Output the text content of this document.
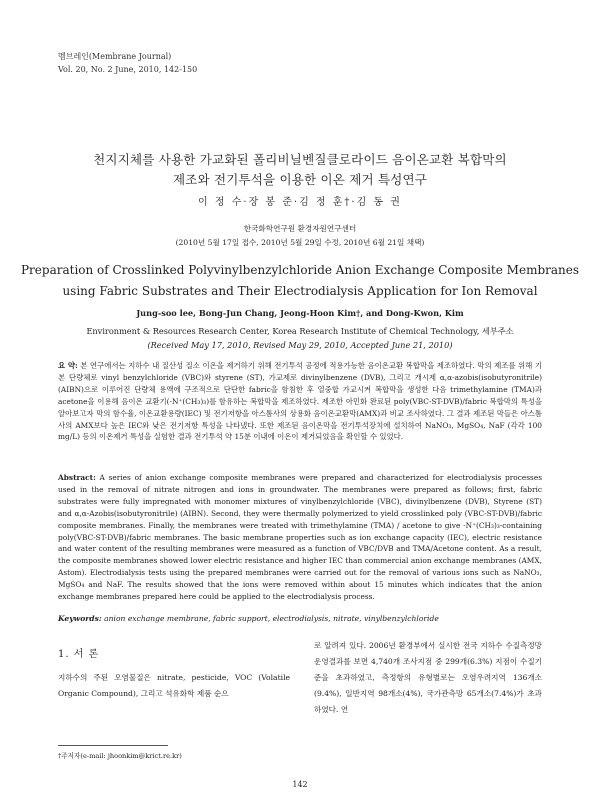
멤브레인(Membrane Journal)
Vol. 20, No. 2 June, 2010, 142-150
천지지체를 사용한 가교화된 폴리비닐벤질클로라이드 음이온교환 복합막의
제조와 전기투석을 이용한 이온 제거 특성연구
이 정 수·장 봉 준·김 정 훈†·김 동 권
한국화학연구원 환경자원연구센터
(2010년 5월 17일 접수, 2010년 5월 29일 수정, 2010년 6월 21일 채택)
Preparation of Crosslinked Polyvinylbenzylchloride Anion Exchange Composite Membranes
using Fabric Substrates and Their Electrodialysis Application for Ion Removal
Jung-soo lee, Bong-Jun Chang, Jeong-Hoon Kim†, and Dong-Kwon, Kim
Environment & Resources Research Center, Korea Research Institute of Chemical Technology, 세부주소
(Received May 17, 2010, Revised May 29, 2010, Accepted June 21, 2010)
요 약: 본 연구에서는 지하수 내 질산성 질소 이온을 제거하기 위해 전기투석 공정에 적용가능한 음이온교환 복합막을 제조하였다. 막의 제조를 위해 기본 단량체로 vinyl benzylchloride (VBC)와 styrene (ST), 가교제로 divinylbenzene (DVB), 그리고 개시제 α,α-azobis(isobutyronitrile) (AIBN)으로 이루어진 단량체 용액에 구조적으로 단단한 fabric을 함침한 후 열중합 가교시켜 복합막을 생성한 다음 trimethylamine (TMA)과 acetone을 이용해 음이온 교환기(-N⁺(CH₃)₃)를 함유하는 복합막을 제조하였다. 제조한 아민화 완료된 poly(VBC-ST-DVB)/fabric 복합막의 특성을 알아보고자 막의 함수율, 이온교환용량(IEC) 및 전기저항을 아스톰사의 상용화 음이온교환막(AMX)과 비교 조사하였다. 그 결과 제조된 막들은 아스톰사의 AMX보다 높은 IEC와 낮은 전기저항 특성을 나타냈다. 또한 제조된 음이온막을 전기투석장치에 설치하여 NaNO₃, MgSO₄, NaF (각각 100 mg/L) 등의 이온제거 특성을 실험한 결과 전기투석 약 15분 이내에 이온이 제거되었음을 확인할 수 있었다.
Abstract: A series of anion exchange composite membranes were prepared and characterized for electrodialysis processes used in the removal of nitrate nitrogen and ions in groundwater. The membranes were prepared as follows; first, fabric substrates were fully impregnated with monomer mixtures of vinylbenzylchloride (VBC), divinylbenzene (DVB), Styrene (ST) and α,α-Azobis(isobutyronitrile) (AIBN). Second, they were thermally polymerized to yield crosslinked poly (VBC-ST-DVB)/fabric composite membranes. Finally, the membranes were treated with trimethylamine (TMA) / acetone to give -N⁺(CH₃)₃-containing poly(VBC-ST-DVB)/fabric membranes. The basic membrane properties such as ion exchange capacity (IEC), electric resistance and water content of the resulting membranes were measured as a function of VBC/DVB and TMA/Acetone content. As a result, the composite membranes showed lower electric resistance and higher IEC than commercial anion exchange membranes (AMX, Astom). Electrodialysis tests using the prepared membranes were carried out for the removal of various ions such as NaNO₃, MgSO₄ and NaF. The results showed that the ions were removed within about 15 minutes which indicates that the anion exchange membranes prepared here could be applied to the electrodialysis process.
Keywords: anion exchange membrane, fabric support, electrodialysis, nitrate, vinylbenzylchloride
1. 서 론
지하수의 주된 오염물질은 nitrate, pesticide, VOC (Volatile Organic Compound), 그리고 석유화학 제품 순으
로 알려져 있다. 2006년 환경부에서 실시한 전국 지하수 수질측정망 운영결과를 보면 4,740개 조사지점 중 299개(6.3%) 지점이 수질기준을 초과하였고, 측정항의 유형별로는 오염우려지역 136개소(9.4%), 일반지역 98개소(4%), 국가관측망 65개소(7.4%)가 초과하였다. 연
†주저자(e-mail: jhoonkim@krict.re.kr)
142
